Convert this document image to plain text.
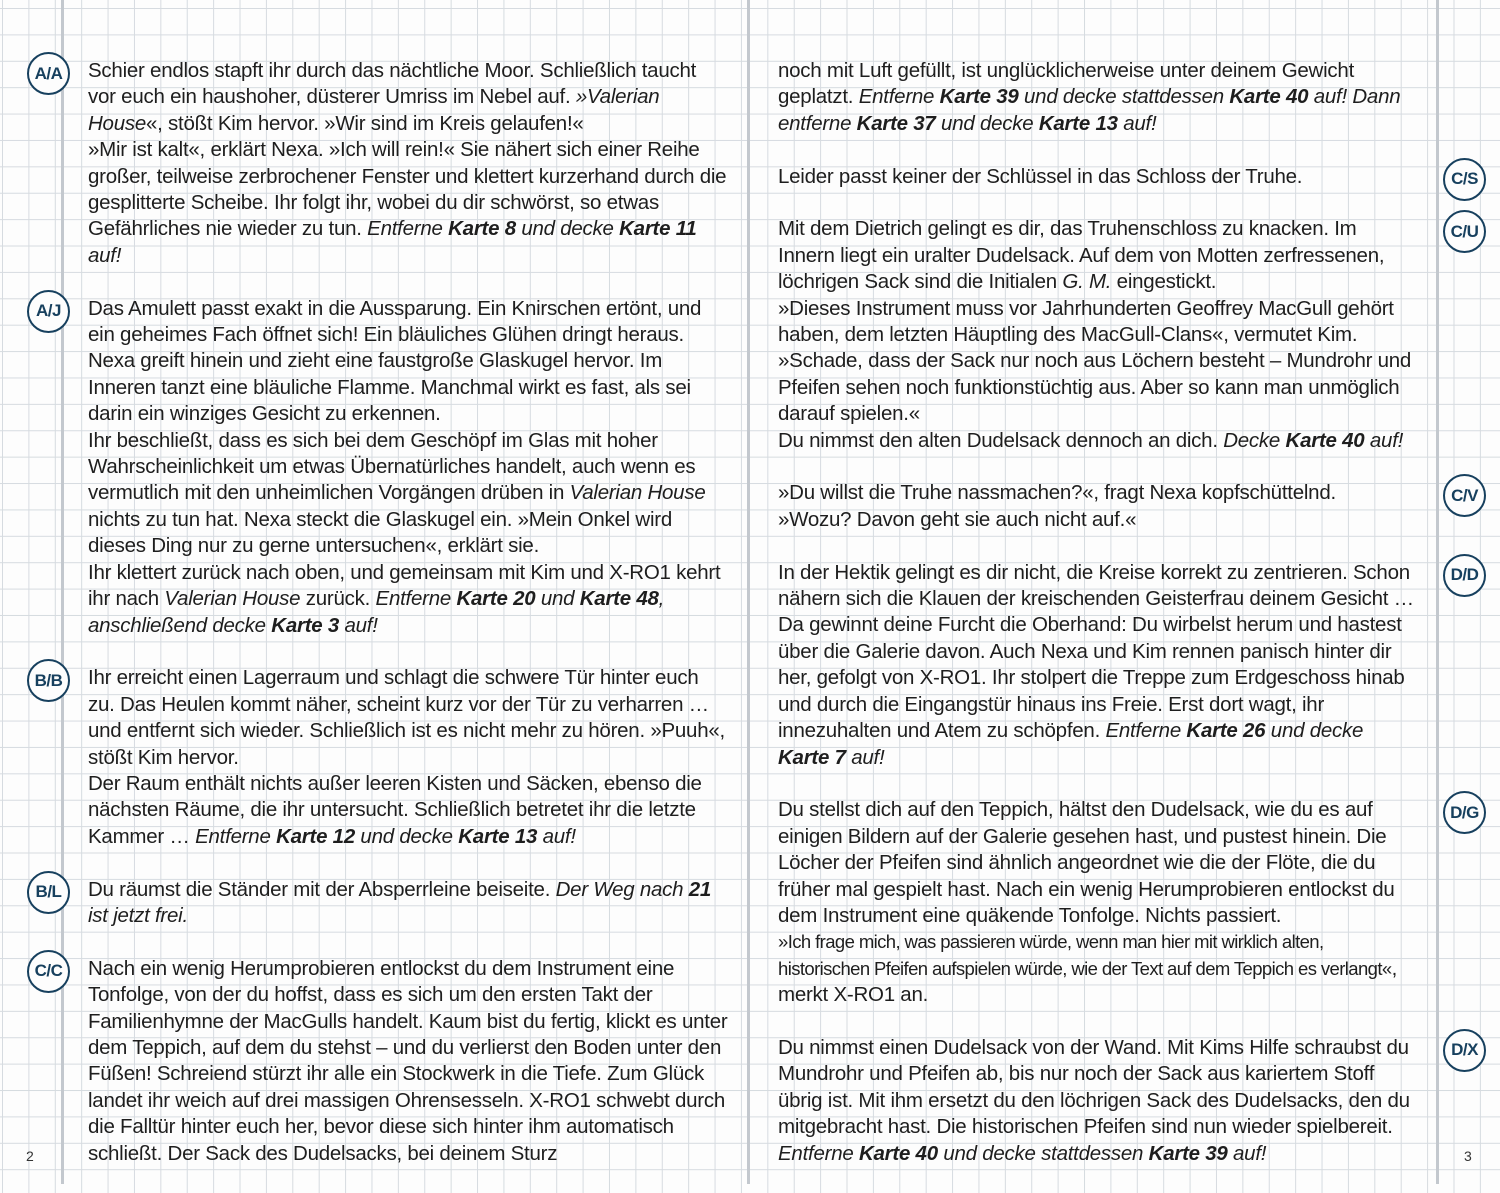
A/A	Schier endlos stapft ihr durch das nächtliche Moor. Schließlich taucht vor euch ein haushoher, düsterer Umriss im Nebel auf. »Valerian House«, stößt Kim hervor. »Wir sind im Kreis gelaufen!«

»Mir ist kalt«, erklärt Nexa. »Ich will rein!« Sie nähert sich einer Reihe großer, teilweise zerbrochener Fenster und klettert kurzerhand durch die gesplitterte Scheibe. Ihr folgt ihr, wobei du dir schwörst, so etwas Gefährliches nie wieder zu tun. Entferne Karte 8 und decke Karte 11 auf!

A/J	Das Amulett passt exakt in die Aussparung. Ein Knirschen ertönt, und ein geheimes Fach öffnet sich! Ein bläuliches Glühen dringt heraus. Nexa greift hinein und zieht eine faustgroße Glaskugel hervor. Im Inneren tanzt eine bläuliche Flamme. Manchmal wirkt es fast, als sei darin ein winziges Gesicht zu erkennen.

Ihr beschließt, dass es sich bei dem Geschöpf im Glas mit hoher Wahrscheinlichkeit um etwas Übernatürliches handelt, auch wenn es vermutlich mit den unheimlichen Vorgängen drüben in Valerian House nichts zu tun hat. Nexa steckt die Glaskugel ein. »Mein Onkel wird dieses Ding nur zu gerne untersuchen«, erklärt sie.

Ihr klettert zurück nach oben, und gemeinsam mit Kim und X-RO1 kehrt ihr nach Valerian House zurück. Entferne Karte 20 und Karte 48, anschließend decke Karte 3 auf!

B/B	Ihr erreicht einen Lagerraum und schlagt die schwere Tür hinter euch zu. Das Heulen kommt näher, scheint kurz vor der Tür zu verharren … und entfernt sich wieder. Schließlich ist es nicht mehr zu hören. »Puuh«, stößt Kim hervor.

Der Raum enthält nichts außer leeren Kisten und Säcken, ebenso die nächsten Räume, die ihr untersucht. Schließlich betretet ihr die letzte Kammer … Entferne Karte 12 und decke Karte 13 auf!

B/L	Du räumst die Ständer mit der Absperrleine beiseite. Der Weg nach 21 ist jetzt frei.

C/C	Nach ein wenig Herumprobieren entlockst du dem Instrument eine Tonfolge, von der du hoffst, dass es sich um den ersten Takt der Familienhymne der MacGulls handelt. Kaum bist du fertig, klickt es unter dem Teppich, auf dem du stehst – und du verlierst den Boden unter den Füßen! Schreiend stürzt ihr alle ein Stockwerk in die Tiefe. Zum Glück landet ihr weich auf drei massigen Ohrensesseln. X-RO1 schwebt durch die Falltür hinter euch her, bevor diese sich hinter ihm automatisch schließt. Der Sack des Dudelsacks, bei deinem Sturz

noch mit Luft gefüllt, ist unglücklicherweise unter deinem Gewicht geplatzt. Entferne Karte 39 und decke stattdessen Karte 40 auf! Dann entferne Karte 37 und decke Karte 13 auf!

C/S

Leider passt keiner der Schlüssel in das Schloss der Truhe.

C/U

Mit dem Dietrich gelingt es dir, das Truhenschloss zu knacken. Im Innern liegt ein uralter Dudelsack. Auf dem von Motten zerfressenen, löchrigen Sack sind die Initialen G. M. eingestickt.

»Dieses Instrument muss vor Jahrhunderten Geoffrey MacGull gehört haben, dem letzten Häuptling des MacGull-Clans«, vermutet Kim.

»Schade, dass der Sack nur noch aus Löchern besteht – Mundrohr und Pfeifen sehen noch funktionstüchtig aus. Aber so kann man unmöglich darauf spielen.«

Du nimmst den alten Dudelsack dennoch an dich. Decke Karte 40 auf!

C/V

»Du willst die Truhe nassmachen?«, fragt Nexa kopfschüttelnd.

»Wozu? Davon geht sie auch nicht auf.«

D/D

In der Hektik gelingt es dir nicht, die Kreise korrekt zu zentrieren. Schon nähern sich die Klauen der kreischenden Geisterfrau deinem Gesicht … Da gewinnt deine Furcht die Oberhand: Du wirbelst herum und hastest über die Galerie davon. Auch Nexa und Kim rennen panisch hinter dir her, gefolgt von X-RO1. Ihr stolpert die Treppe zum Erdgeschoss hinab und durch die Eingangstür hinaus ins Freie. Erst dort wagt, ihr innezuhalten und Atem zu schöpfen. Entferne Karte 26 und decke Karte 7 auf!

D/G

Du stellst dich auf den Teppich, hältst den Dudelsack, wie du es auf einigen Bildern auf der Galerie gesehen hast, und pustest hinein. Die Löcher der Pfeifen sind ähnlich angeordnet wie die der Flöte, die du früher mal gespielt hast. Nach ein wenig Herumprobieren entlockst du dem Instrument eine quäkende Tonfolge. Nichts passiert.

»Ich frage mich, was passieren würde, wenn man hier mit wirklich alten, historischen Pfeifen aufspielen würde, wie der Text auf dem Teppich es verlangt«, merkt X-RO1 an.

D/X

Du nimmst einen Dudelsack von der Wand. Mit Kims Hilfe schraubst du Mundrohr und Pfeifen ab, bis nur noch der Sack aus kariertem Stoff übrig ist. Mit ihm ersetzt du den löchrigen Sack des Dudelsacks, den du mitgebracht hast. Die historischen Pfeifen sind nun wieder spielbereit. Entferne Karte 40 und decke stattdessen Karte 39 auf!

2	3
